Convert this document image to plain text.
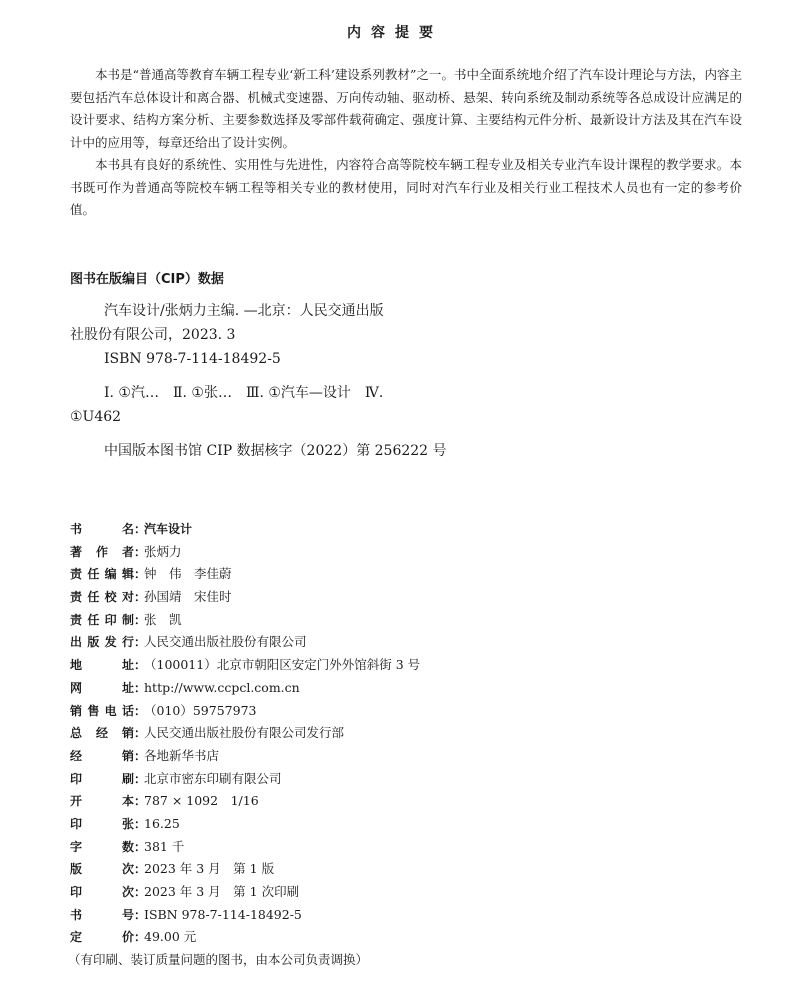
内容提要

本书是“普通高等教育车辆工程专业‘新工科’建设系列教材”之一。书中全面系统地介绍了汽车设计理论与方法，内容主要包括汽车总体设计和离合器、机械式变速器、万向传动轴、驱动桥、悬架、转向系统及制动系统等各总成设计应满足的设计要求、结构方案分析、主要参数选择及零部件载荷确定、强度计算、主要结构元件分析、最新设计方法及其在汽车设计中的应用等，每章还给出了设计实例。

本书具有良好的系统性、实用性与先进性，内容符合高等院校车辆工程专业及相关专业汽车设计课程的教学要求。本书既可作为普通高等院校车辆工程等相关专业的教材使用，同时对汽车行业及相关行业工程技术人员也有一定的参考价值。

图书在版编目（CIP）数据
汽车设计/张炳力主编. —北京：人民交通出版
社股份有限公司，2023. 3
ISBN 978-7-114-18492-5
Ⅰ. ①汽…　Ⅱ. ①张…　Ⅲ. ①汽车—设计　Ⅳ.
①U462
中国版本图书馆 CIP 数据核字（2022）第 256222 号
书名 ：
汽车设计
著作者 ：
张炳力
责任编辑 ：
钟　伟　李佳蔚
责任校对 ：
孙国靖　宋佳时
责任印制 ：
张　凯
出版发行 ：
人民交通出版社股份有限公司
地址 ：
（100011）北京市朝阳区安定门外外馆斜街 3 号
网址 ：
http://www.ccpcl.com.cn
销售电话 ：
（010）59757973
总经销 ：
人民交通出版社股份有限公司发行部
经销 ：
各地新华书店
印刷 ：
北京市密东印刷有限公司
开本 ：
787 × 1092　1/16
印张 ：
16.25
字数 ：
381 千
版次 ：
2023 年 3 月　第 1 版
印次 ：
2023 年 3 月　第 1 次印刷
书号 ：
ISBN 978-7-114-18492-5
定价 ：
49.00 元
（有印刷、装订质量问题的图书，由本公司负责调换）
